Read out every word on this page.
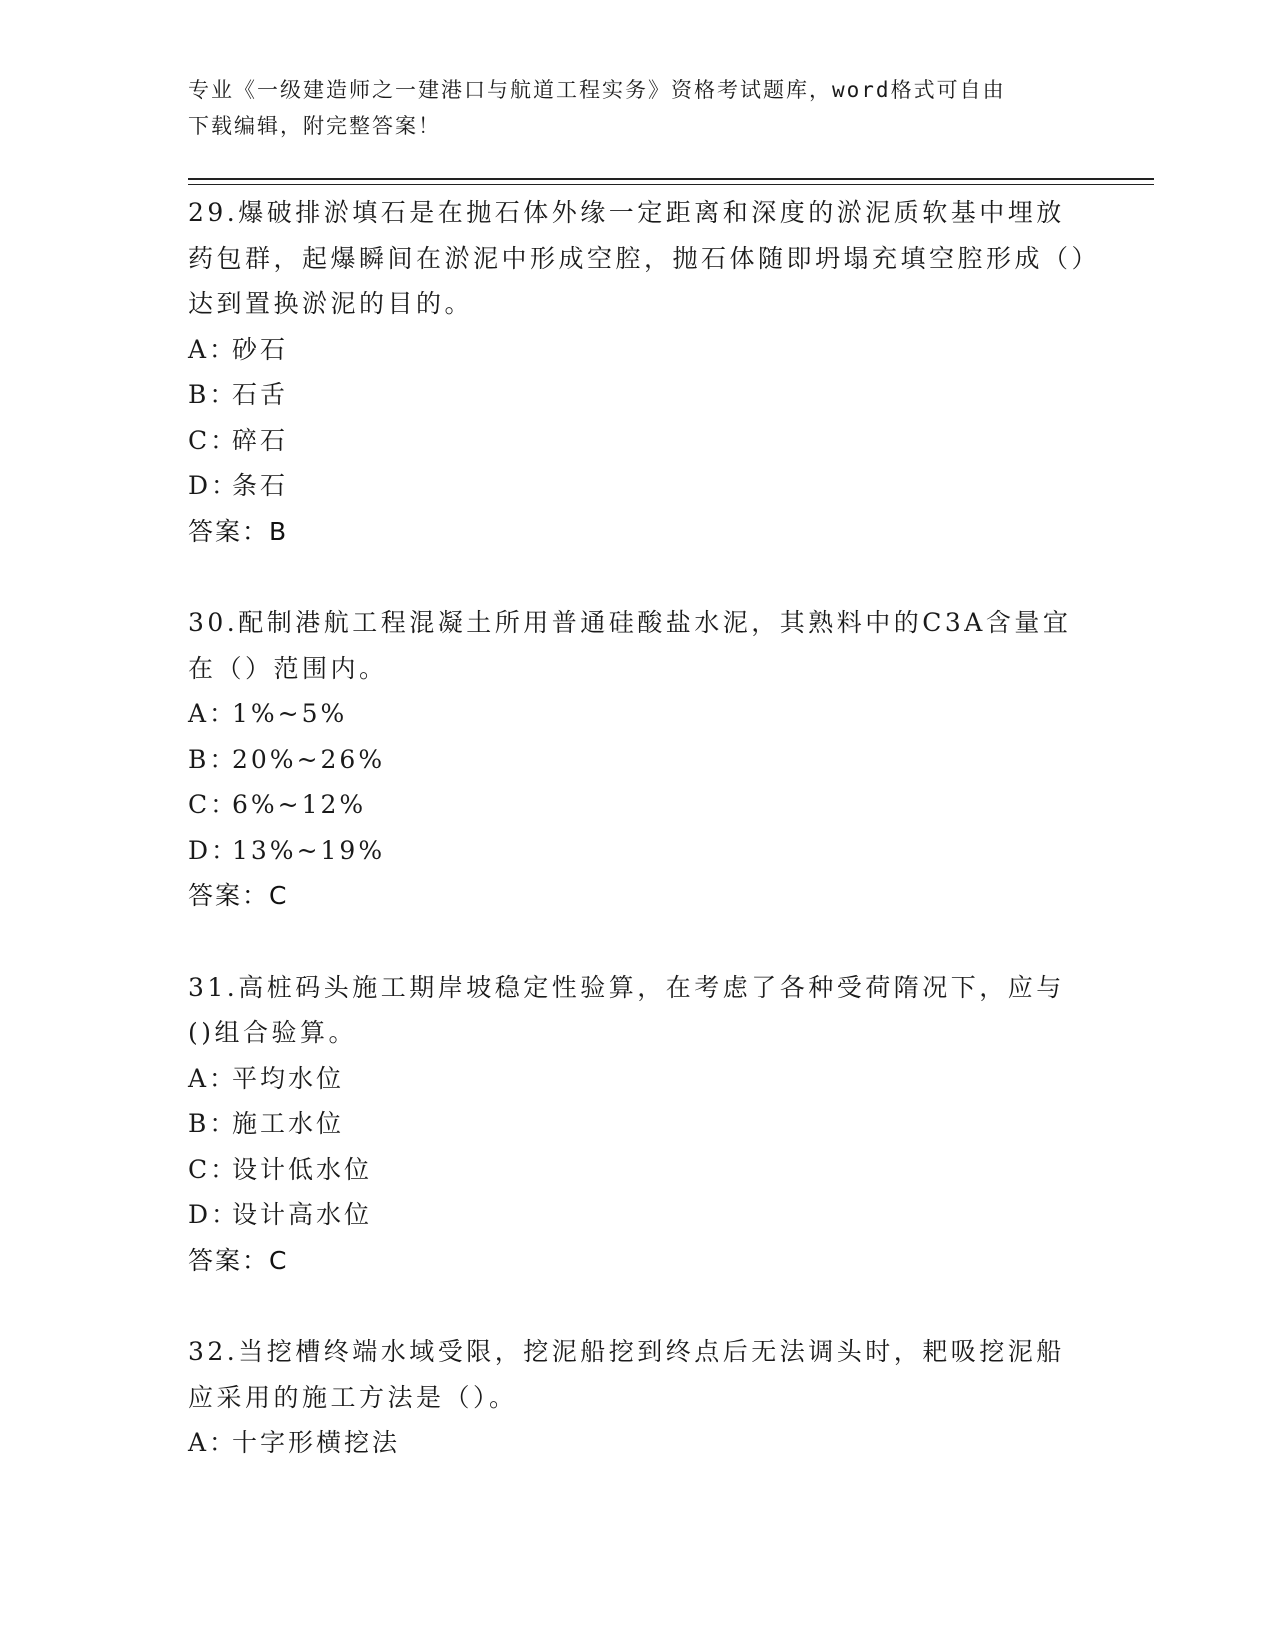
专业《一级建造师之一建港口与航道工程实务》资格考试题库，word格式可自由
下载编辑，附完整答案！

29.爆破排淤填石是在抛石体外缘一定距离和深度的淤泥质软基中埋放药包群，起爆瞬间在淤泥中形成空腔，抛石体随即坍塌充填空腔形成（）达到置换淤泥的目的。

A：
砂石
B：
石舌
C：
碎石
D：
条石
答案：B

30.配制港航工程混凝土所用普通硅酸盐水泥，其熟料中的C3A含量宜在（）范围内。

A：
1%~5%
B：
20%~26%
C：
6%~12%
D：
13%~19%
答案：C

31.高桩码头施工期岸坡稳定性验算，在考虑了各种受荷隋况下，应与()组合验算。

A：
平均水位
B：
施工水位
C：
设计低水位
D：
设计高水位
答案：C

32.当挖槽终端水域受限，挖泥船挖到终点后无法调头时，耙吸挖泥船应采用的施工方法是（）。

A：
十字形横挖法
